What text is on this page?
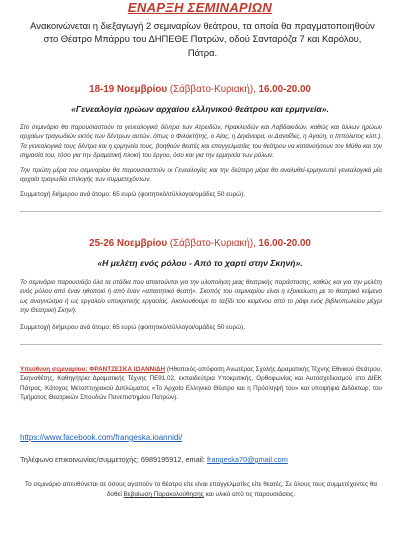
ΕΝΑΡΞΗ ΣΕΜΙΝΑΡΙΩΝ
Ανακοινώνεται η διεξαγωγή 2 σεμιναρίων θεάτρου, τα οποία θα πραγματοποιηθούν στο Θέατρο Μπάρρυ του ΔΗΠΕΘΕ Πατρών, οδού Σανταρόζα 7 και Καρόλου, Πάτρα.
18-19 Νοεμβρίου (Σάββατο-Κυριακή), 16.00-20.00
«Γενεαλογία ηρώων αρχαίου ελληνικού θεάτρου και ερμηνεία».
Στο σεμινάριο θα παρουσιαστούν τα γενεαλογικά δέντρα των Ατρειδών, Ηρακλειδών και Λαβδακιδών, καθώς και άλλων ηρώων αρχαίων τραγωδιών εκτός των δέντρων αυτών, όπως ο Φιλοκτήτης, ο Αίας, η Δηιάνειρα, οι Δαναΐδες, η Αγαύη, ο Ιππόλυτος κλπ.). Τα γενεαλογικά τους δέντρα και η ερμηνεία τους, βοηθούν θεατές και επαγγελματίες του θεάτρου να κατανοήσουν τον Μύθο και την σημασία του, τόσο για την δραματική πλοκή του έργου, όσο και για την ερμηνεία των ρόλων.
Την πρώτη μέρα του σεμιναρίου θα παρουσιαστούν οι Γενεαλογίες και την δεύτερη μέρα θα αναλυθεί-ερμηνευτεί γενεαλογικά μία αρχαία τραγωδία επιλογής των συμμετεχόντων.
Συμμετοχή διήμερου ανά άτομο: 65 ευρώ (φοιτητικό/σύλλογοι/ομάδες 50 ευρώ).
25-26 Νοεμβρίου (Σάββατο-Κυριακή), 16.00-20.00
«Η μελέτη ενός ρόλου - Από το χαρτί στην Σκηνή».
Το σεμινάριο παρουσιάζει όλα τα στάδια που απαιτούνται για την υλοποίηση μιας θεατρικής παράστασης, καθώς και για την μελέτη ενός ρόλου από έναν ηθοποιό ή από έναν «απαιτητικό θεατή». Σκοπός του σεμιναρίου είναι η εξοικείωση με το θεατρικό κείμενο ως αναγνώσμα ή ως εργαλείο υποκριτικής εργασίας. Ακολουθούμε το ταξίδι του κειμένου από το ράφι ενός βιβλιοπωλείου μέχρι την Θεατρική Σκηνή.
Συμμετοχή διήμερου ανά άτομο: 65 ευρώ (φοιτητικό/σύλλογοι/ομάδες 50 ευρώ).
Υπεύθυνη σεμιναρίου: ΦΡΑΝΤΖΕΣΚΑ ΙΩΑΝΝΙΔΗ (Ηθοποιός-απόφοιτη Ανωτέρας Σχολής Δραματικής Τέχνης Εθνικού Θεάτρου, Σκηνοθέτης, Καθηγήτρια Δραματικής Τέχνης ΠΕ91.02, εκπαιδεύτρια Υποκριτικής, Ορθοφωνίας και Αυτοσχεδιασμού στο ΔΙΕΚ Πάτρας. Κάτοχος Μεταπτυχιακού Διπλώματος «Το Αρχαίο Ελληνικό Θέατρο και η Πρόσληψή του» και υποψήφια Διδάκτωρ, του Τμήματος Θεατρικών Σπουδών Πανεπιστημίου Πατρών).
https://www.facebook.com/frangeska.ioannidi/
Τηλέφωνο επικοινωνίας/συμμετοχής: 6989195912, email: frangeska70@gmail.com
Το σεμινάριο απευθύνεται σε όσους αγαπούν το θέατρο είτε είναι επαγγελματίες είτε θεατές. Σε όλους τους συμμετέχοντες θα δοθεί Βεβαίωση Παρακολούθησης και υλικό από τις παρουσιάσεις.
